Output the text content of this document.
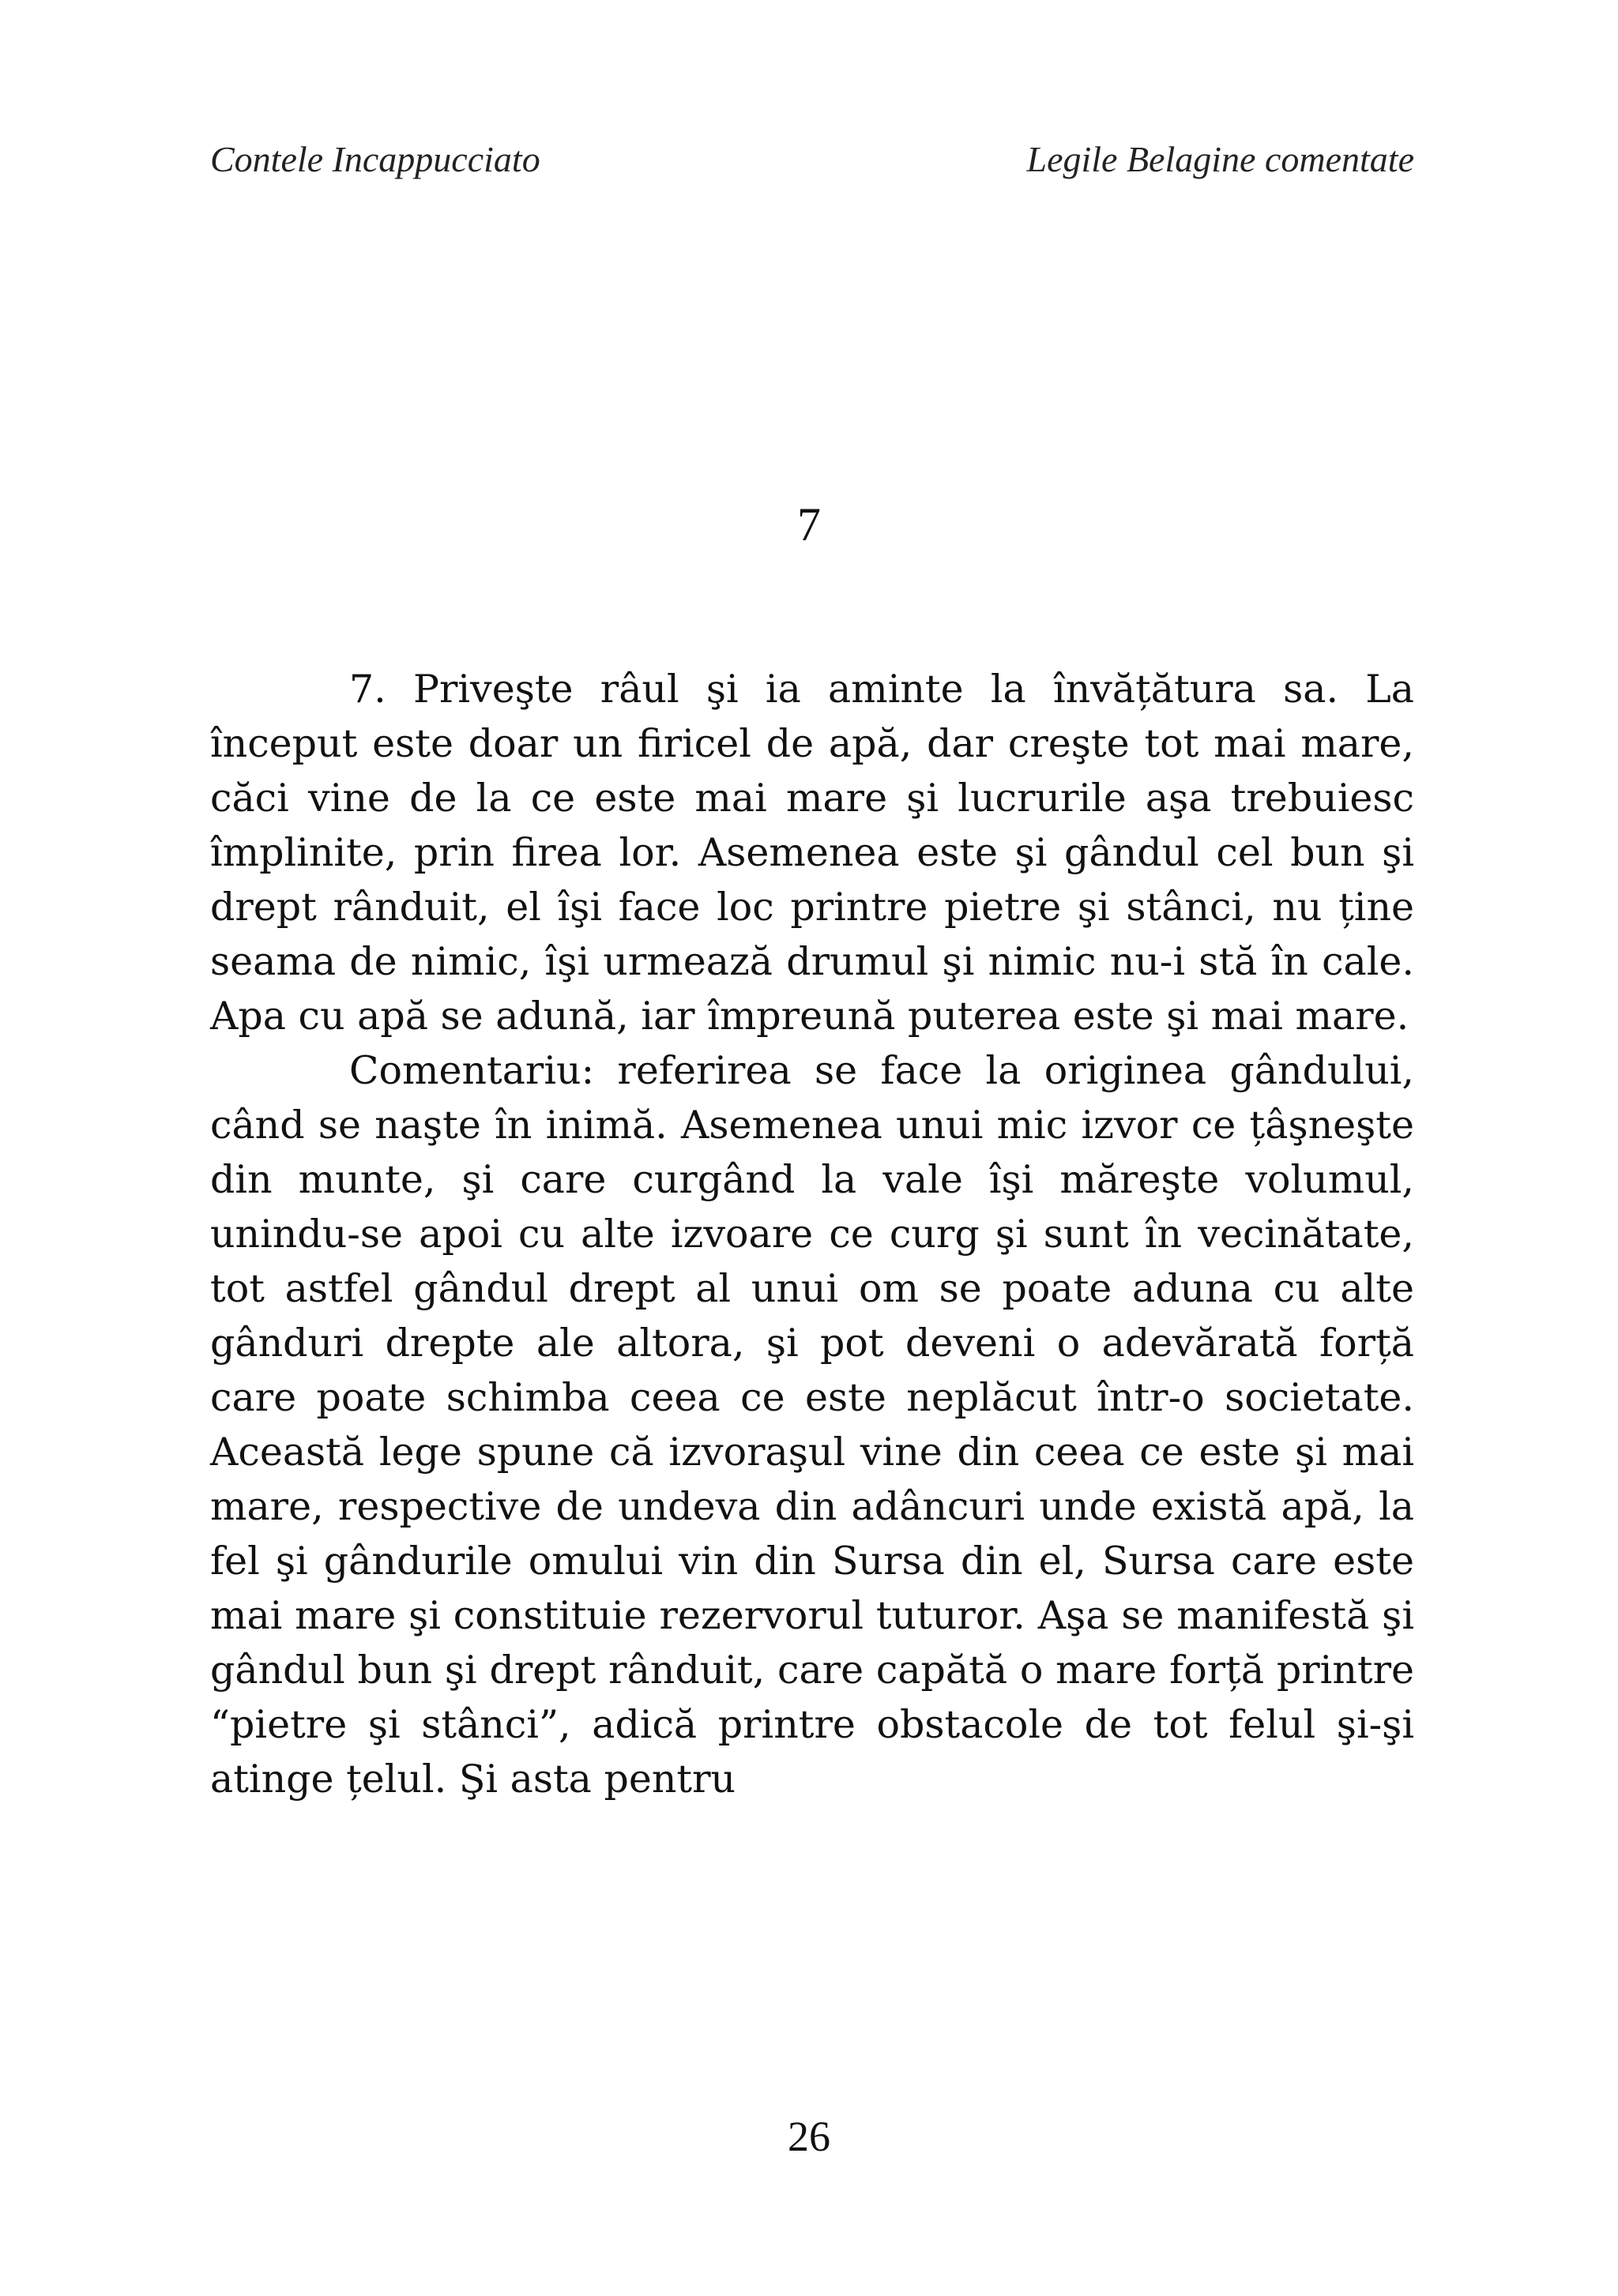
Contele Incappucciato	Legile Belagine comentate
7

7. Priveşte râul şi ia aminte la învățătura sa. La început este doar un firicel de apă, dar creşte tot mai mare, căci vine de la ce este mai mare şi lucrurile aşa trebuiesc împlinite, prin firea lor. Asemenea este şi gândul cel bun şi drept rânduit, el îşi face loc printre pietre şi stânci, nu ține seama de nimic, îşi urmează drumul şi nimic nu-i stă în cale. Apa cu apă se adună, iar împreună puterea este şi mai mare.

Comentariu: referirea se face la originea gândului, când se naşte în inimă. Asemenea unui mic izvor ce țâşneşte din munte, şi care curgând la vale îşi măreşte volumul, unindu-se apoi cu alte izvoare ce curg şi sunt în vecinătate, tot astfel gândul drept al unui om se poate aduna cu alte gânduri drepte ale altora, şi pot deveni o adevărată forță care poate schimba ceea ce este neplăcut într-o societate. Această lege spune că izvoraşul vine din ceea ce este şi mai mare, respective de undeva din adâncuri unde există apă, la fel şi gândurile omului vin din Sursa din el, Sursa care este mai mare şi constituie rezervorul tuturor. Aşa se manifestă şi gândul bun şi drept rânduit, care capătă o mare forță printre “pietre şi stânci”, adică printre obstacole de tot felul şi-şi atinge țelul. Şi asta pentru

26
